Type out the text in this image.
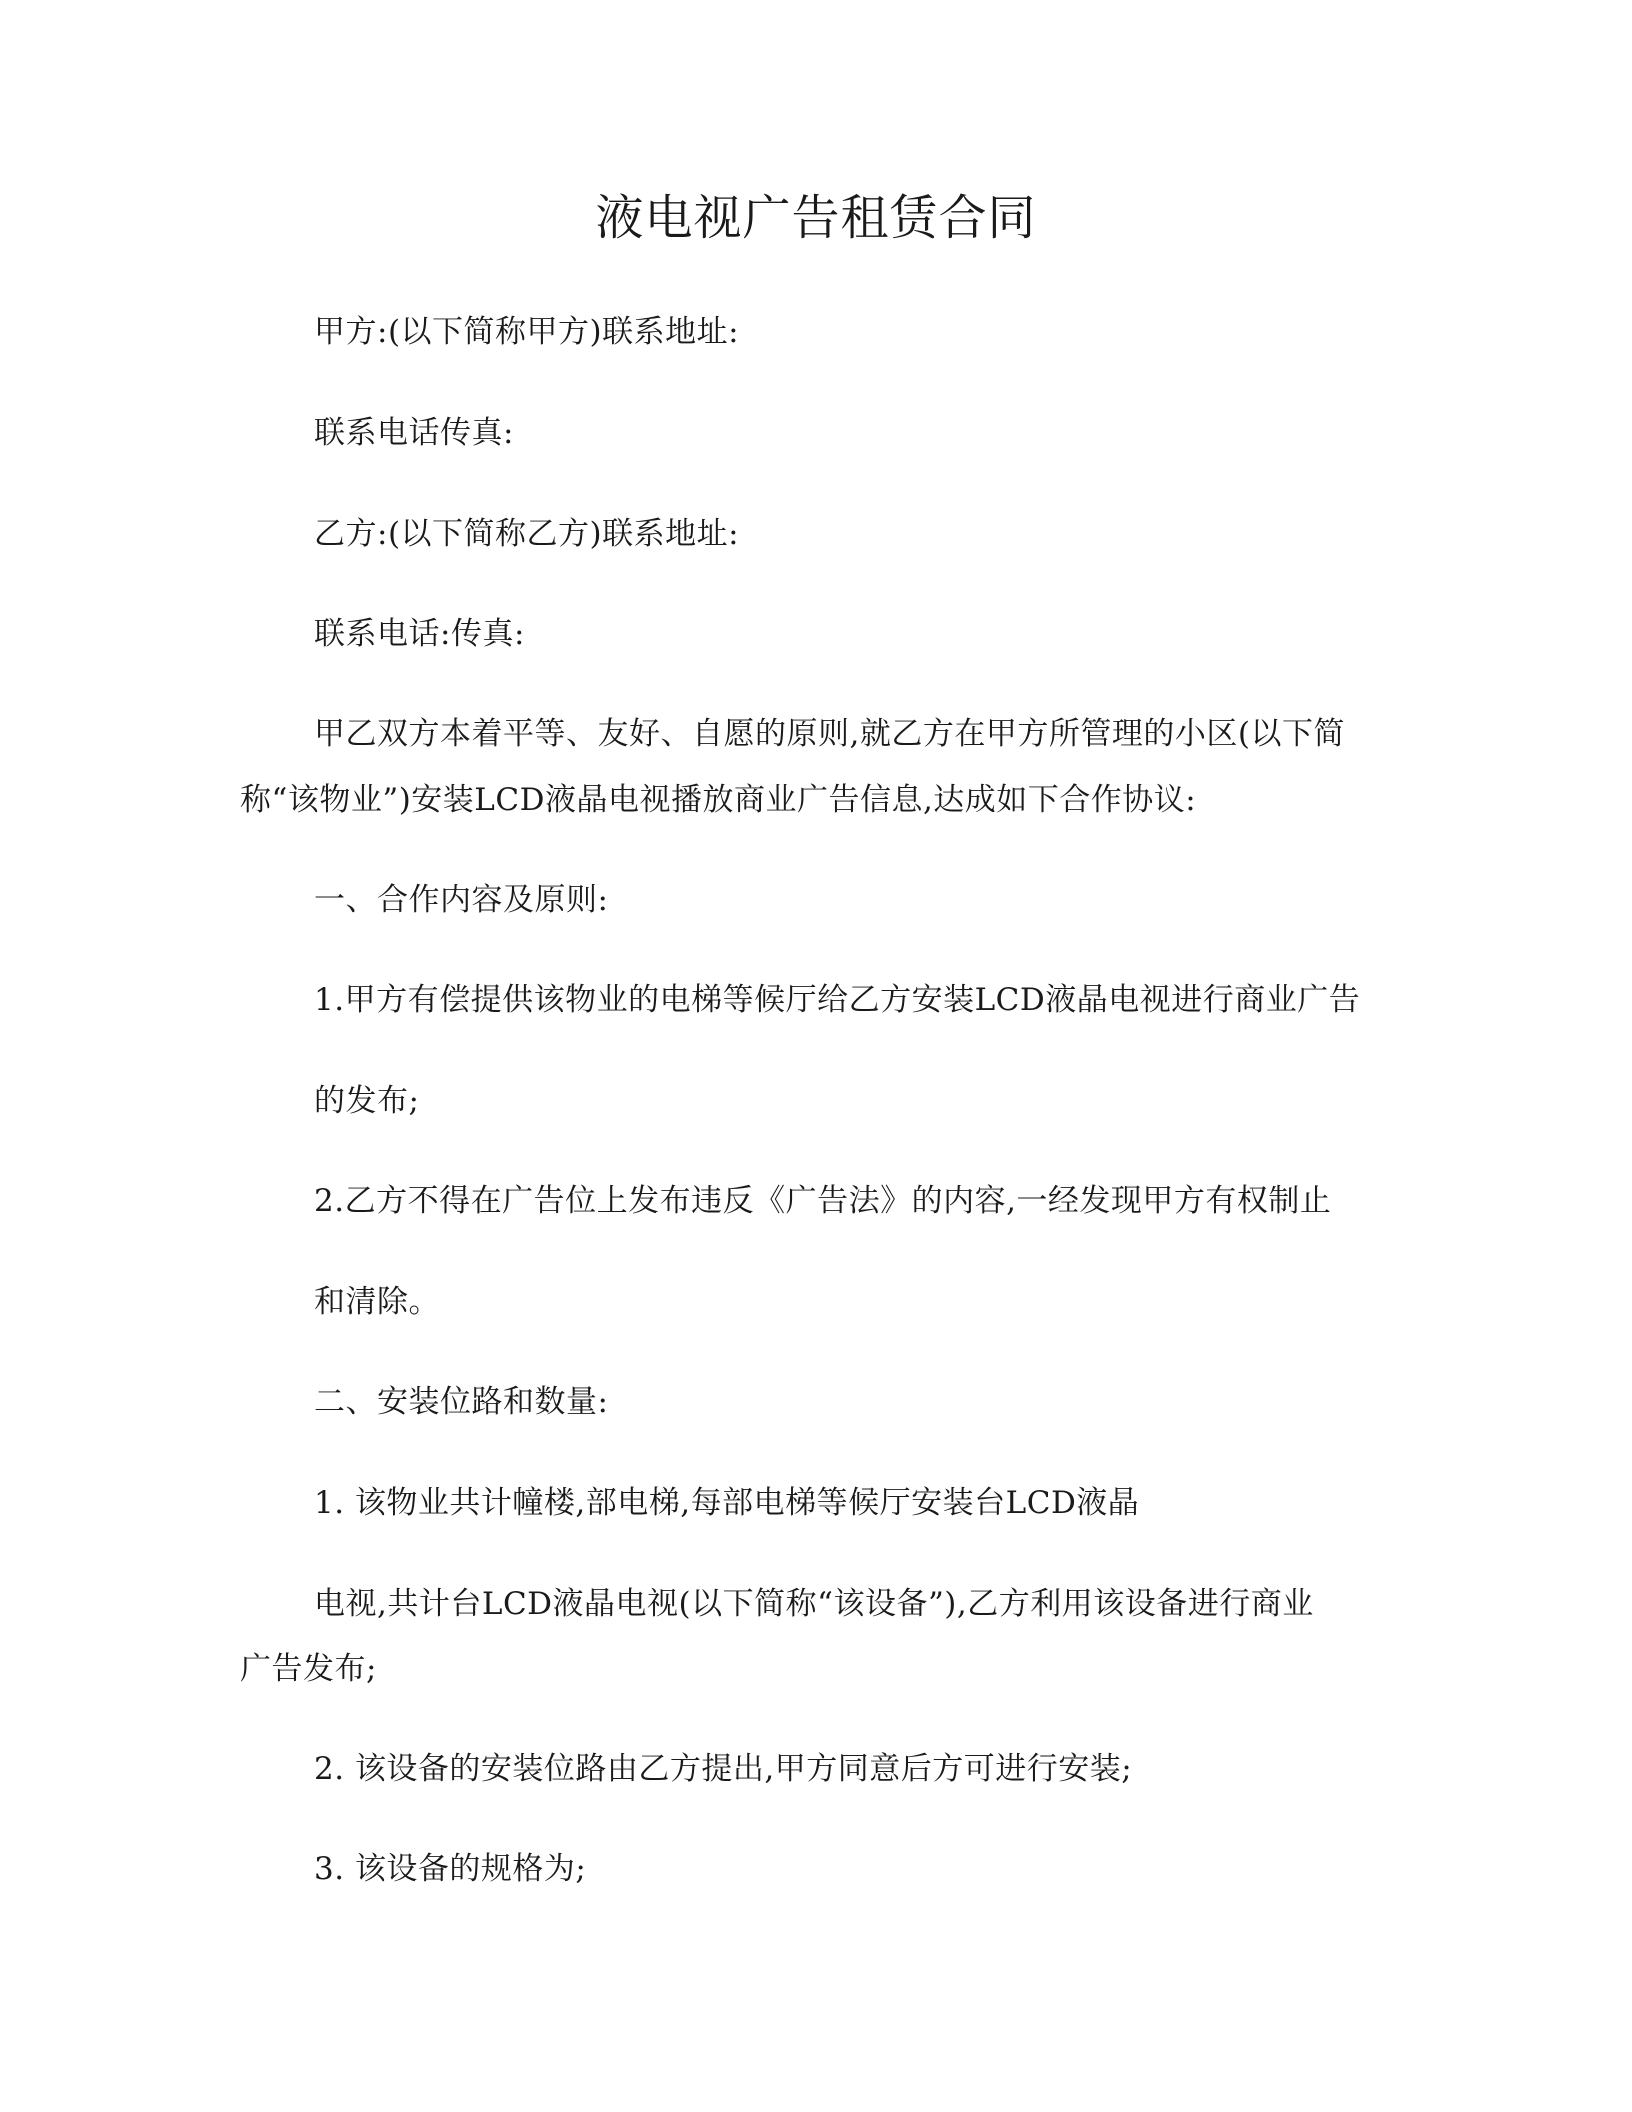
液电视广告租赁合同

甲方:(以下简称甲方)联系地址:

联系电话传真:

乙方:(以下简称乙方)联系地址:

联系电话:传真:

甲乙双方本着平等、友好、自愿的原则,就乙方在甲方所管理的小区(以下简

称“该物业”)安装LCD液晶电视播放商业广告信息,达成如下合作协议:

一、合作内容及原则:

1.甲方有偿提供该物业的电梯等候厅给乙方安装LCD液晶电视进行商业广告

的发布;

2.乙方不得在广告位上发布违反《广告法》的内容,一经发现甲方有权制止

和清除。

二、安装位路和数量:

1. 该物业共计幢楼,部电梯,每部电梯等候厅安装台LCD液晶

电视,共计台LCD液晶电视(以下简称“该设备”),乙方利用该设备进行商业

广告发布;

2. 该设备的安装位路由乙方提出,甲方同意后方可进行安装;

3. 该设备的规格为;
